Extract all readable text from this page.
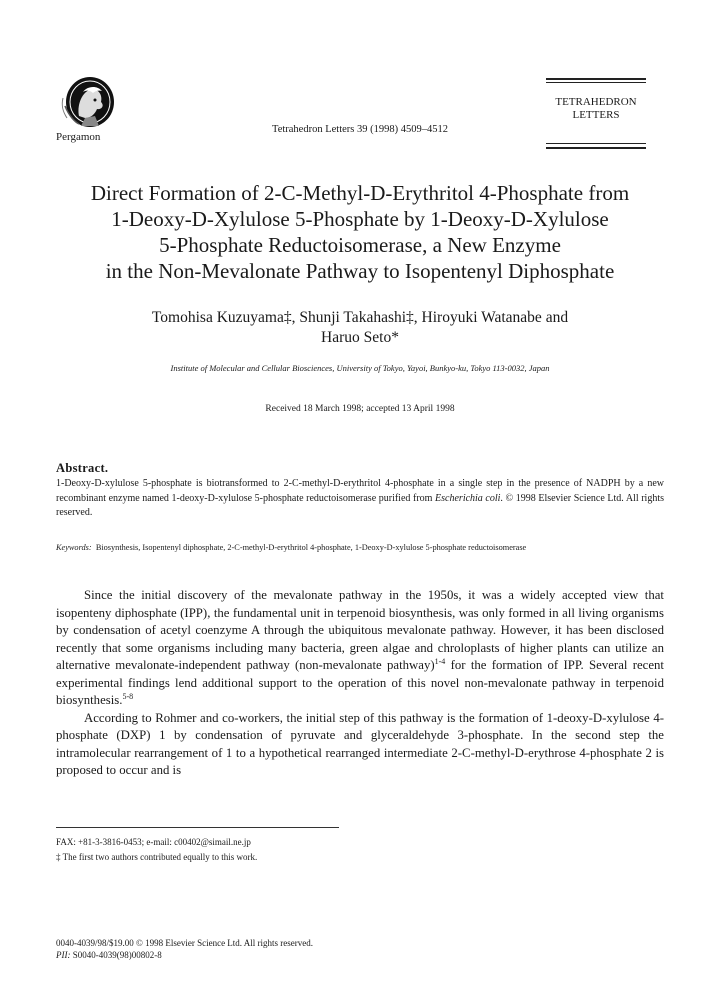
Pergamon
Tetrahedron Letters 39 (1998) 4509–4512
TETRAHEDRON
LETTERS
Direct Formation of 2-C-Methyl-D-Erythritol 4-Phosphate from
1-Deoxy-D-Xylulose 5-Phosphate by 1-Deoxy-D-Xylulose
5-Phosphate Reductoisomerase, a New Enzyme
in the Non-Mevalonate Pathway to Isopentenyl Diphosphate
Tomohisa Kuzuyama‡, Shunji Takahashi‡, Hiroyuki Watanabe and
Haruo Seto*
Institute of Molecular and Cellular Biosciences, University of Tokyo, Yayoi, Bunkyo-ku, Tokyo 113-0032, Japan
Received 18 March 1998; accepted 13 April 1998
Abstract.
1-Deoxy-D-xylulose 5-phosphate is biotransformed to 2-C-methyl-D-erythritol 4-phosphate in a single step in the presence of NADPH by a new recombinant enzyme named 1-deoxy-D-xylulose 5-phosphate reductoisomerase purified from Escherichia coli. © 1998 Elsevier Science Ltd. All rights reserved.
Keywords: Biosynthesis, Isopentenyl diphosphate, 2-C-methyl-D-erythritol 4-phosphate, 1-Deoxy-D-xylulose 5-phosphate reductoisomerase

Since the initial discovery of the mevalonate pathway in the 1950s, it was a widely accepted view that isopenteny diphosphate (IPP), the fundamental unit in terpenoid biosynthesis, was only formed in all living organisms by condensation of acetyl coenzyme A through the ubiquitous mevalonate pathway. However, it has been disclosed recently that some organisms including many bacteria, green algae and chroloplasts of higher plants can utilize an alternative mevalonate-independent pathway (non-mevalonate pathway)$^{1-4}$ for the formation of IPP. Several recent experimental findings lend additional support to the operation of this novel non-mevalonate pathway in terpenoid biosynthesis.$^{5-8}$

According to Rohmer and co-workers, the initial step of this pathway is the formation of 1-deoxy-D-xylulose 4-phosphate (DXP) 1 by condensation of pyruvate and glyceraldehyde 3-phosphate. In the second step the intramolecular rearrangement of 1 to a hypothetical rearranged intermediate 2-C-methyl-D-erythrose 4-phosphate 2 is proposed to occur and is

FAX: +81-3-3816-0453; e-mail: c00402@simail.ne.jp
‡ The first two authors contributed equally to this work.
0040-4039/98/$19.00 © 1998 Elsevier Science Ltd. All rights reserved.
PII: S0040-4039(98)00802-8
